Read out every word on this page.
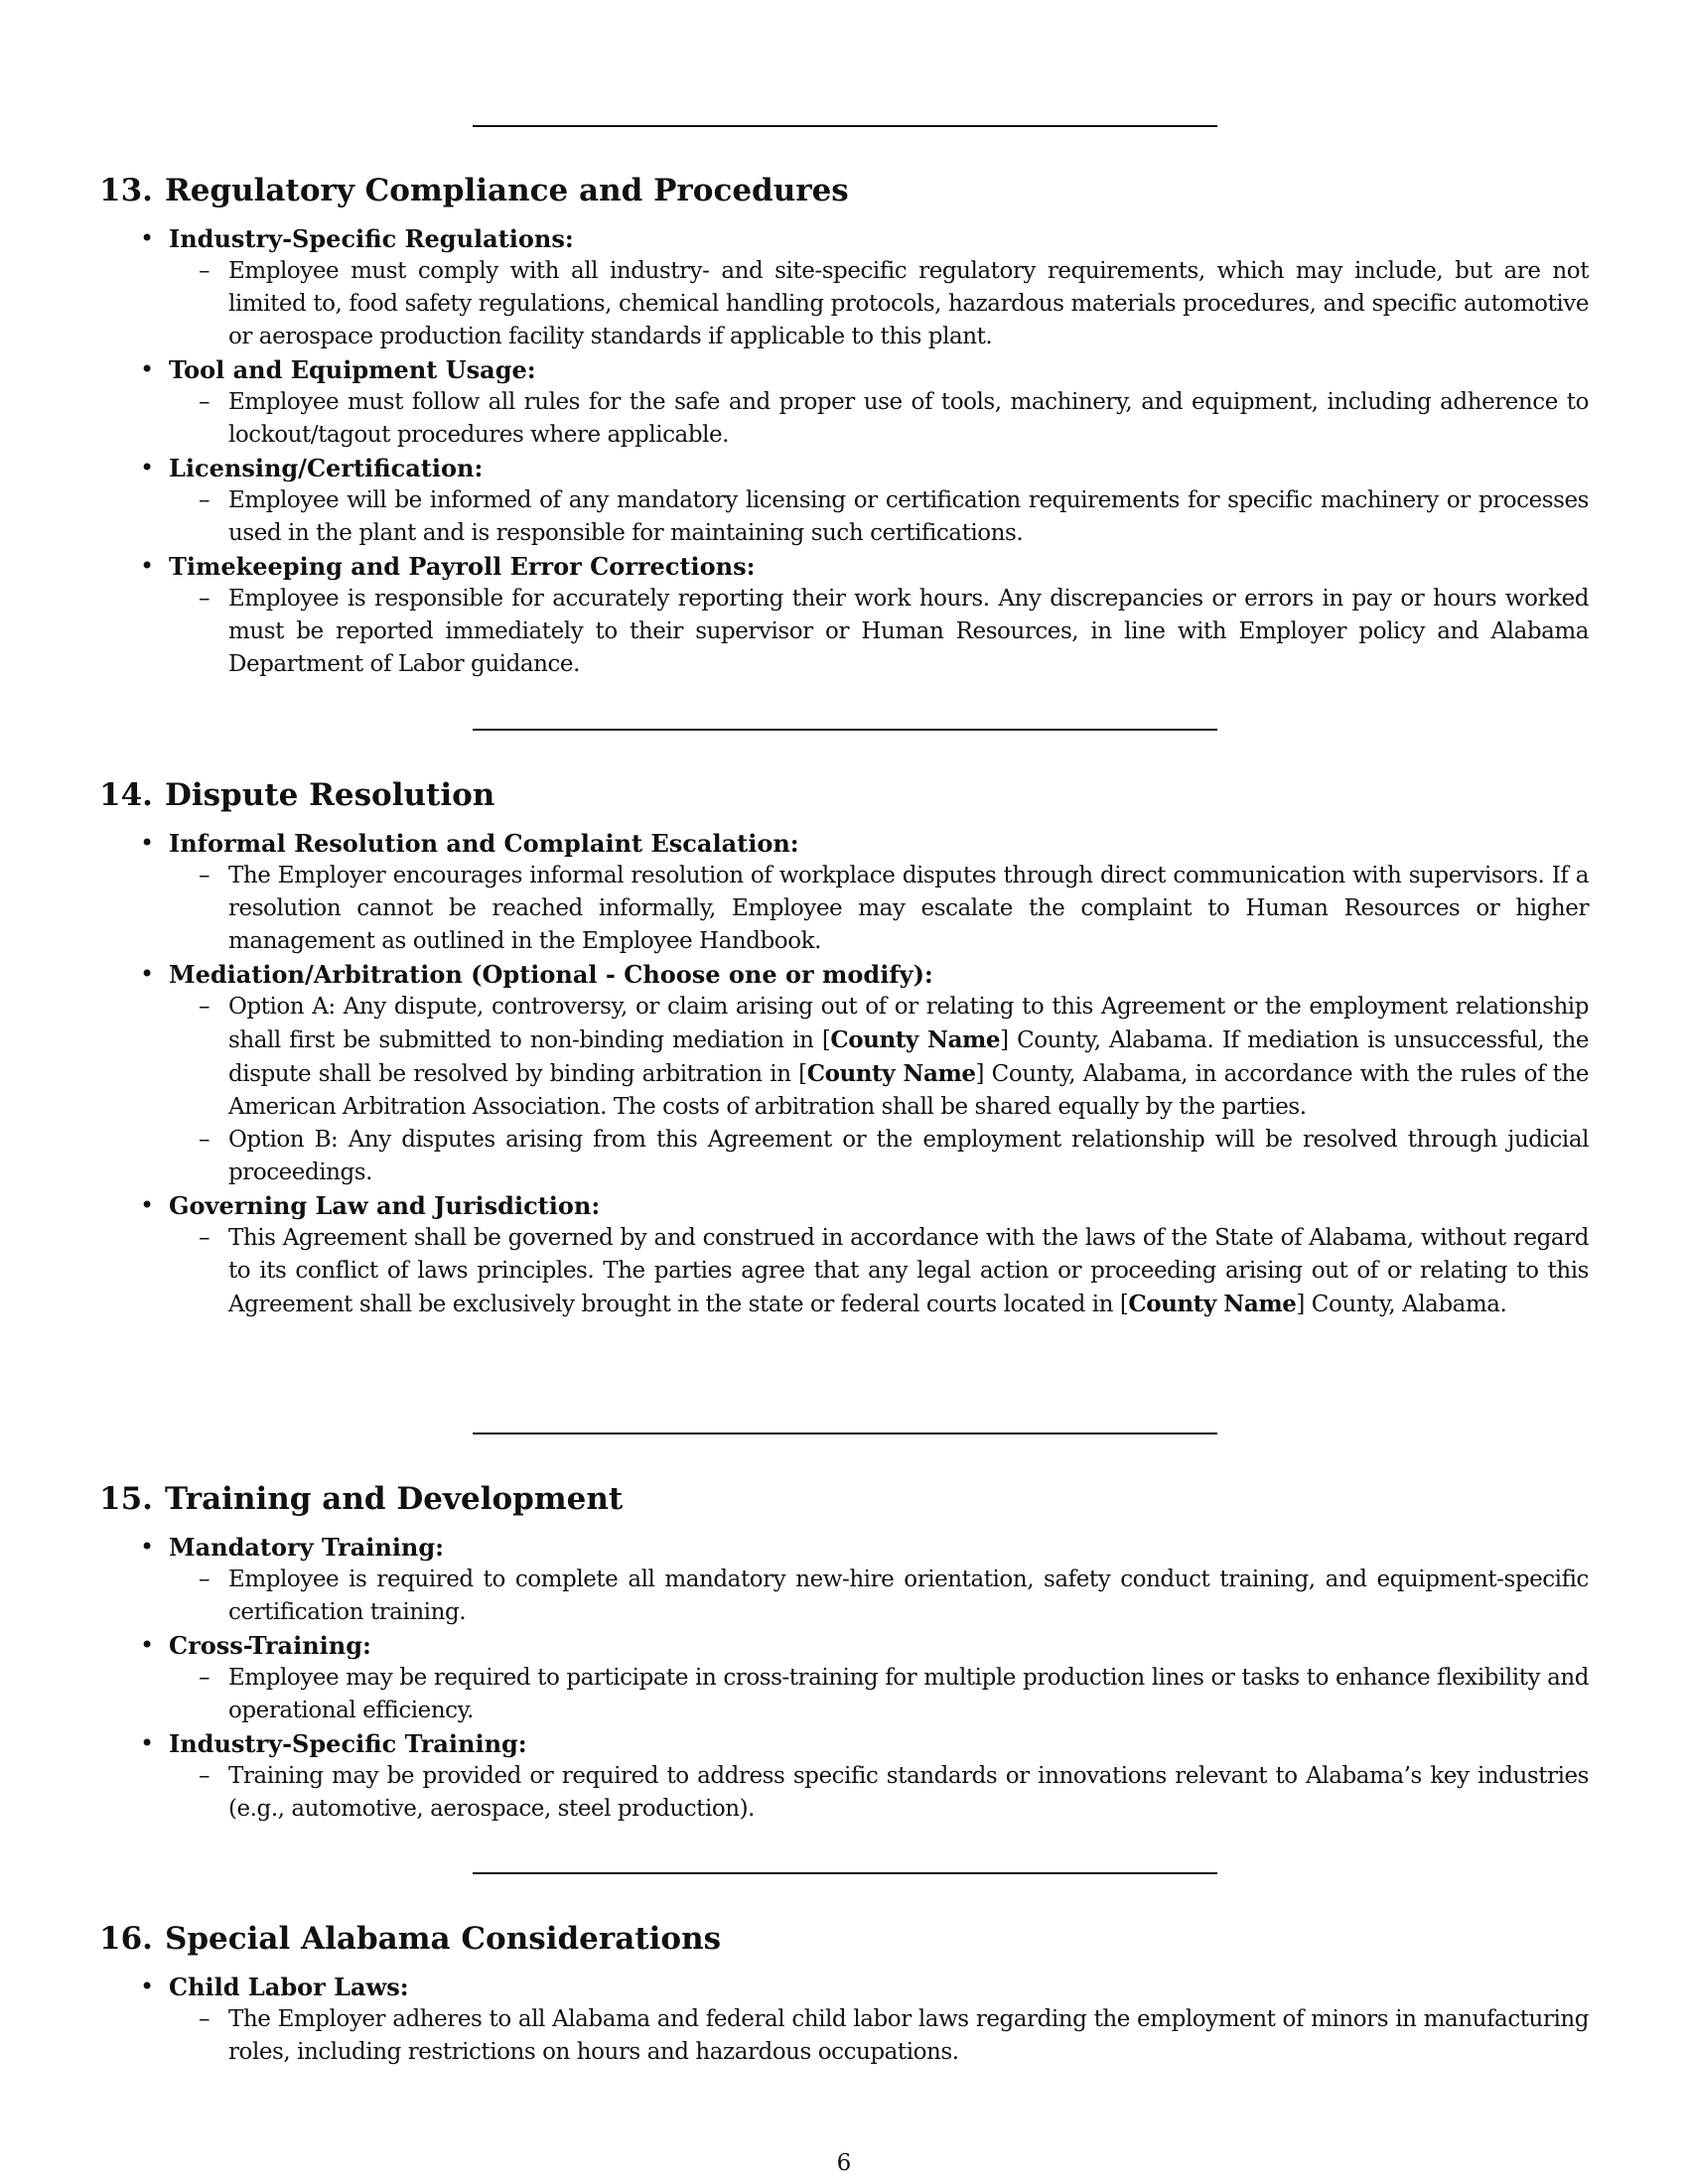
13. Regulatory Compliance and Procedures
• Industry-Specific Regulations:
– Employee must comply with all industry- and site-specific regulatory requirements, which may include, but are not limited to, food safety regulations, chemical handling protocols, hazardous materials procedures, and specific automotive or aerospace production facility standards if applicable to this plant.

• Tool and Equipment Usage:
– Employee must follow all rules for the safe and proper use of tools, machinery, and equipment, including adherence to lockout/tagout procedures where applicable.

• Licensing/Certification:
– Employee will be informed of any mandatory licensing or certification requirements for specific machinery or processes used in the plant and is responsible for maintaining such certifications.

• Timekeeping and Payroll Error Corrections:
– Employee is responsible for accurately reporting their work hours. Any discrepancies or errors in pay or hours worked must be reported immediately to their supervisor or Human Resources, in line with Employer policy and Alabama Department of Labor guidance.

14. Dispute Resolution
• Informal Resolution and Complaint Escalation:
– The Employer encourages informal resolution of workplace disputes through direct communication with supervisors. If a resolution cannot be reached informally, Employee may escalate the complaint to Human Resources or higher management as outlined in the Employee Handbook.

• Mediation/Arbitration (Optional - Choose one or modify):
– Option A: Any dispute, controversy, or claim arising out of or relating to this Agreement or the employment relationship shall first be submitted to non-binding mediation in [County Name] County, Alabama. If mediation is unsuccessful, the dispute shall be resolved by binding arbitration in [County Name] County, Alabama, in accordance with the rules of the American Arbitration Association. The costs of arbitration shall be shared equally by the parties.

– Option B: Any disputes arising from this Agreement or the employment relationship will be resolved through judicial proceedings.

• Governing Law and Jurisdiction:
– This Agreement shall be governed by and construed in accordance with the laws of the State of Alabama, without regard to its conflict of laws principles. The parties agree that any legal action or proceeding arising out of or relating to this Agreement shall be exclusively brought in the state or federal courts located in [County Name] County, Alabama.

15. Training and Development
• Mandatory Training:
– Employee is required to complete all mandatory new-hire orientation, safety conduct training, and equipment-specific certification training.

• Cross-Training:
– Employee may be required to participate in cross-training for multiple production lines or tasks to enhance flexibility and operational efficiency.

• Industry-Specific Training:
– Training may be provided or required to address specific standards or innovations relevant to Alabama’s key industries (e.g., automotive, aerospace, steel production).

16. Special Alabama Considerations
• Child Labor Laws:
– The Employer adheres to all Alabama and federal child labor laws regarding the employment of minors in manufacturing roles, including restrictions on hours and hazardous occupations.

6
